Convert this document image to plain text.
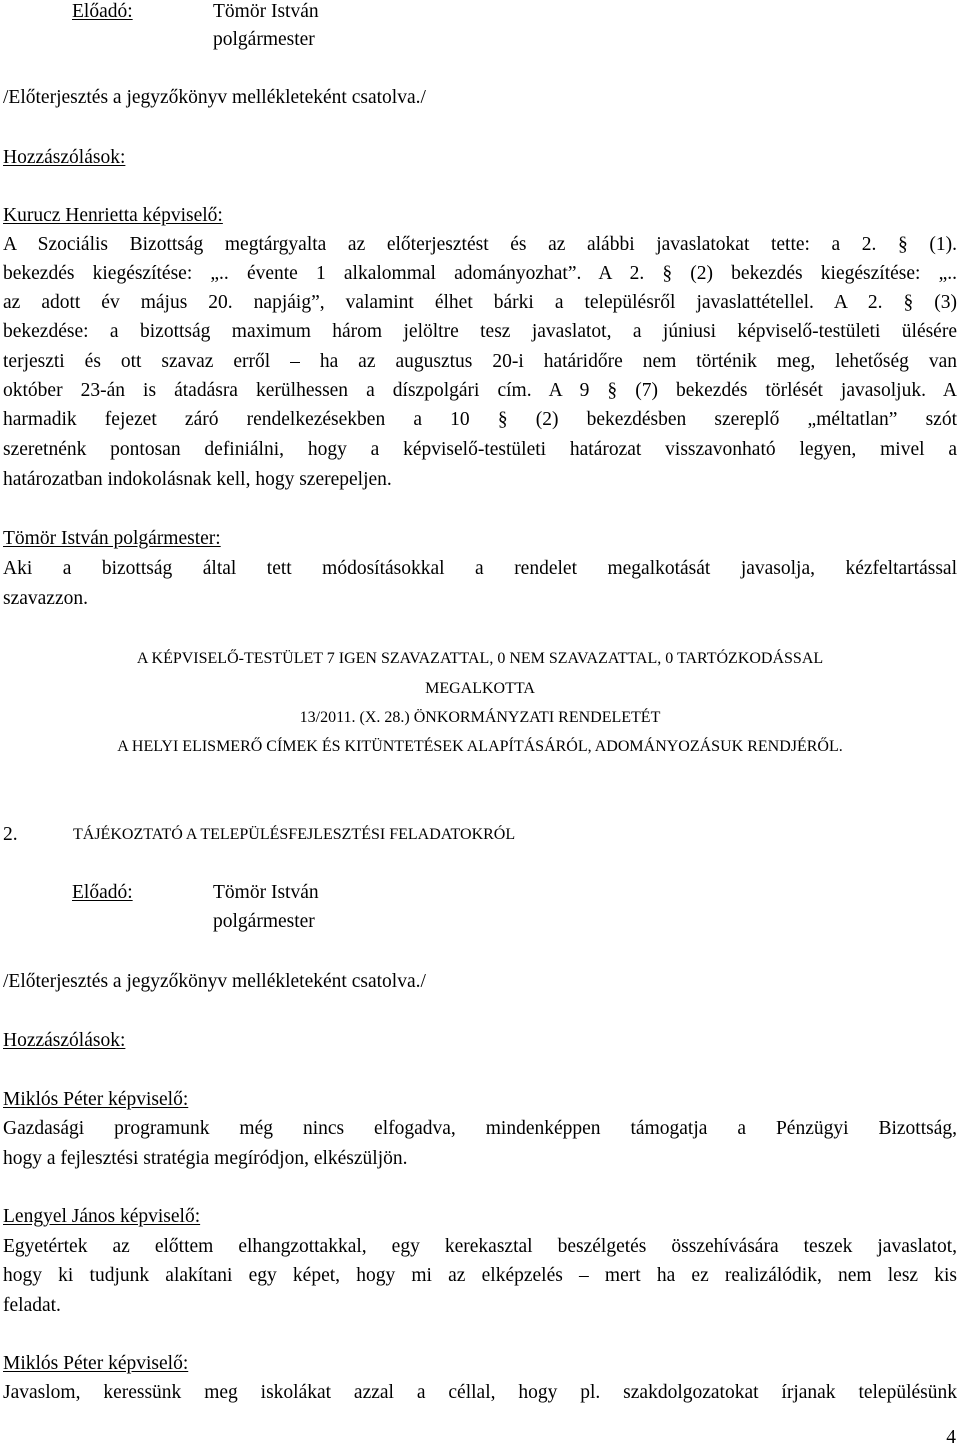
Előadó:	Tömör István
polgármester
/Előterjesztés a jegyzőkönyv mellékleteként csatolva./
Hozzászólások:
Kurucz Henrietta képviselő:
A Szociális Bizottság megtárgyalta az előterjesztést és az alábbi javaslatokat tette: a 2. § (1).
bekezdés kiegészítése: „.. évente 1 alkalommal adományozhat”. A 2. § (2) bekezdés kiegészítése: „..
az adott év május 20. napjáig”, valamint élhet bárki a településről javaslattétellel. A 2. § (3)
bekezdése: a bizottság maximum három jelöltre tesz javaslatot, a júniusi képviselő-testületi ülésére
terjeszti és ott szavaz erről – ha az augusztus 20-i határidőre nem történik meg, lehetőség van
október 23-án is átadásra kerülhessen a díszpolgári cím. A 9 § (7) bekezdés törlését javasoljuk. A
harmadik fejezet záró rendelkezésekben a 10 § (2) bekezdésben szereplő „méltatlan” szót
szeretnénk pontosan definiálni, hogy a képviselő-testületi határozat visszavonható legyen, mivel a
határozatban indokolásnak kell, hogy szerepeljen.
Tömör István polgármester:
Aki a bizottság által tett módosításokkal a rendelet megalkotását javasolja, kézfeltartással
szavazzon.
A KÉPVISELŐ-TESTÜLET 7 IGEN SZAVAZATTAL, 0 NEM SZAVAZATTAL, 0 TARTÓZKODÁSSAL
MEGALKOTTA
13/2011. (X. 28.) ÖNKORMÁNYZATI RENDELETÉT
A HELYI ELISMERŐ CÍMEK ÉS KITÜNTETÉSEK ALAPÍTÁSÁRÓL, ADOMÁNYOZÁSUK RENDJÉRŐL.
2.	TÁJÉKOZTATÓ A TELEPÜLÉSFEJLESZTÉSI FELADATOKRÓL
Előadó:	Tömör István
polgármester
/Előterjesztés a jegyzőkönyv mellékleteként csatolva./
Hozzászólások:
Miklós Péter képviselő:
Gazdasági programunk még nincs elfogadva, mindenképpen támogatja a Pénzügyi Bizottság,
hogy a fejlesztési stratégia megíródjon, elkészüljön.
Lengyel János képviselő:
Egyetértek az előttem elhangzottakkal, egy kerekasztal beszélgetés összehívására teszek javaslatot,
hogy ki tudjunk alakítani egy képet, hogy mi az elképzelés – mert ha ez realizálódik, nem lesz kis
feladat.
Miklós Péter képviselő:
Javaslom, keressünk meg iskolákat azzal a céllal, hogy pl. szakdolgozatokat írjanak településünk
4
